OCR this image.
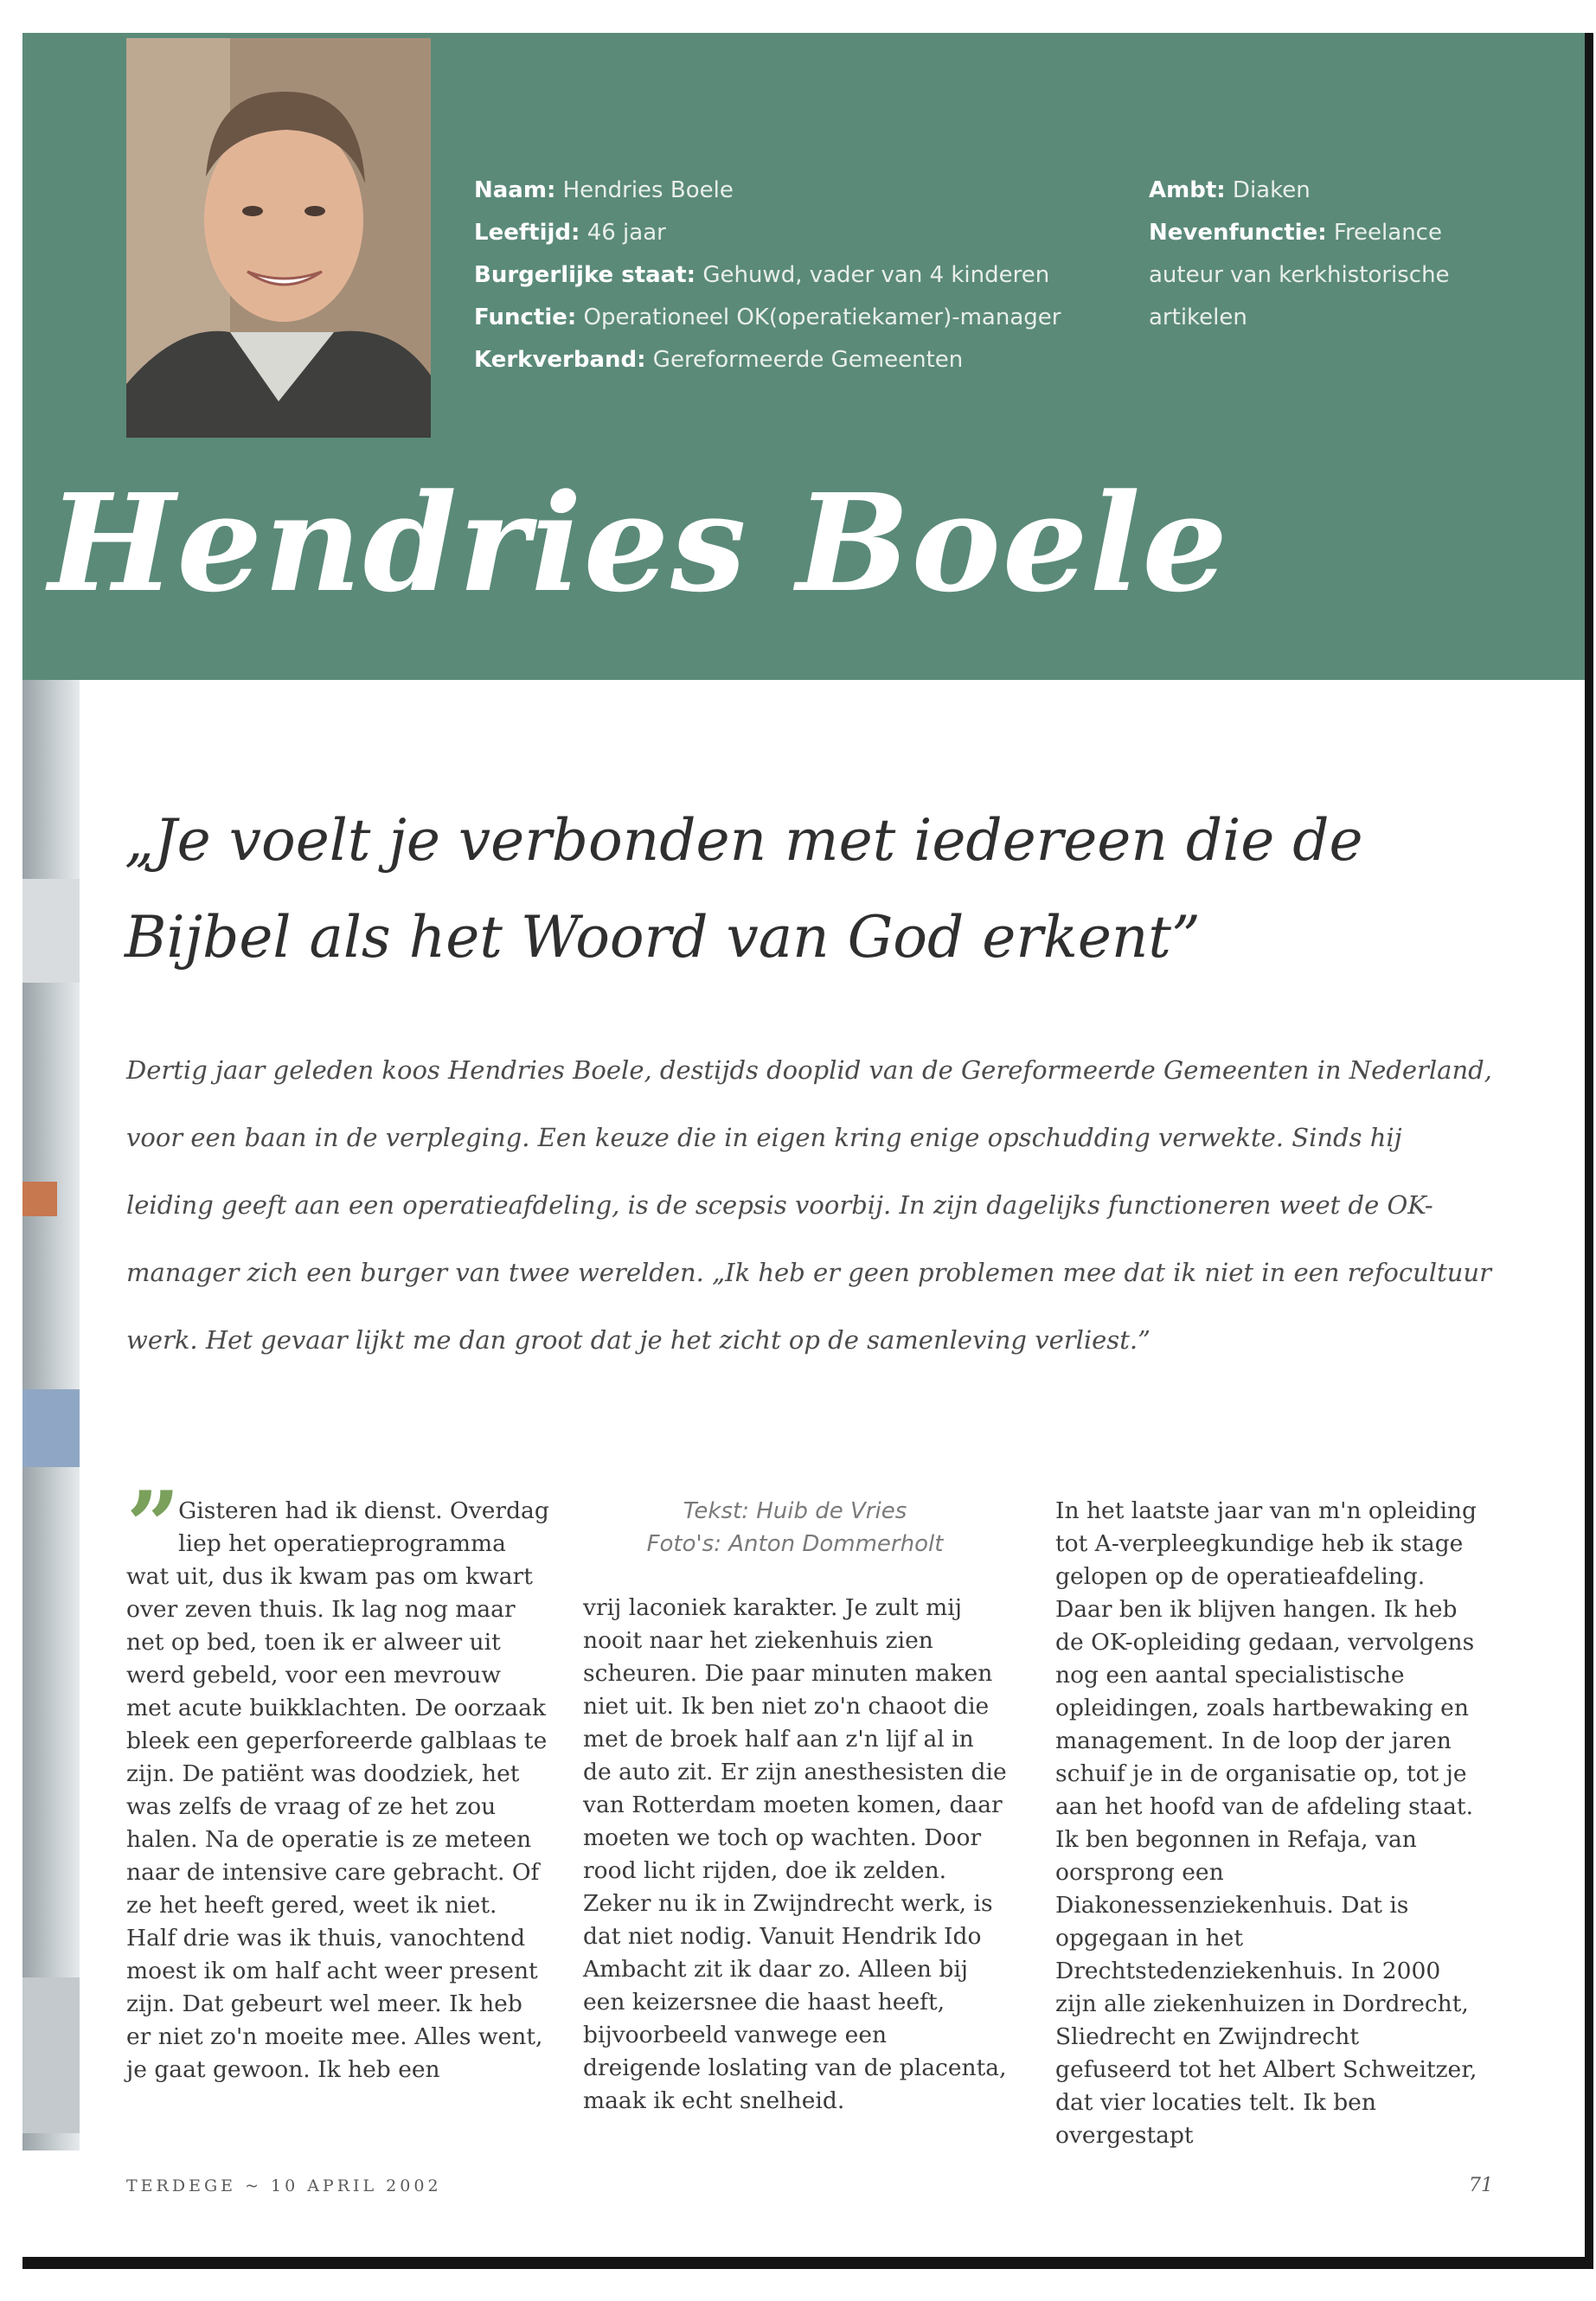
Naam: Hendries Boele
Leeftijd: 46 jaar
Burgerlijke staat: Gehuwd, vader van 4 kinderen
Functie: Operationeel OK(operatiekamer)-manager
Kerkverband: Gereformeerde Gemeenten
Ambt: Diaken
Nevenfunctie: Freelance auteur van kerkhistorische artikelen
Hendries Boele
„Je voelt je verbonden met iedereen die de Bijbel als het Woord van God erkent”
Dertig jaar geleden koos Hendries Boele, destijds dooplid van de Gereformeerde Gemeenten in Nederland, voor een baan in de verpleging. Een keuze die in eigen kring enige opschudding verwekte. Sinds hij leiding geeft aan een operatieafdeling, is de scepsis voorbij. In zijn dagelijks functioneren weet de OK-manager zich een burger van twee werelden. „Ik heb er geen problemen mee dat ik niet in een refocultuur werk. Het gevaar lijkt me dan groot dat je het zicht op de samenleving verliest.”
” Gisteren had ik dienst. Overdag liep het operatieprogramma wat uit, dus ik kwam pas om kwart over zeven thuis. Ik lag nog maar net op bed, toen ik er alweer uit werd gebeld, voor een mevrouw met acute buikklachten. De oorzaak bleek een geperforeerde galblaas te zijn. De patiënt was doodziek, het was zelfs de vraag of ze het zou halen. Na de operatie is ze meteen naar de intensive care gebracht. Of ze het heeft gered, weet ik niet.

Half drie was ik thuis, vanochtend moest ik om half acht weer present zijn. Dat gebeurt wel meer. Ik heb er niet zo'n moeite mee. Alles went, je gaat gewoon. Ik heb een

Tekst: Huib de Vries
Foto's: Anton Dommerholt

vrij laconiek karakter. Je zult mij nooit naar het ziekenhuis zien scheuren. Die paar minuten maken niet uit. Ik ben niet zo'n chaoot die met de broek half aan z'n lijf al in de auto zit. Er zijn anesthesisten die van Rotterdam moeten komen, daar moeten we toch op wachten. Door rood licht rijden, doe ik zelden. Zeker nu ik in Zwijndrecht werk, is dat niet nodig. Vanuit Hendrik Ido Ambacht zit ik daar zo. Alleen bij een keizersnee die haast heeft, bijvoorbeeld vanwege een dreigende loslating van de placenta, maak ik echt snelheid.

In het laatste jaar van m'n opleiding tot A-verpleegkundige heb ik stage gelopen op de operatieafdeling. Daar ben ik blijven hangen. Ik heb de OK-opleiding gedaan, vervolgens nog een aantal specialistische opleidingen, zoals hartbewaking en management. In de loop der jaren schuif je in de organisatie op, tot je aan het hoofd van de afdeling staat.

Ik ben begonnen in Refaja, van oorsprong een Diakonessenziekenhuis. Dat is opgegaan in het Drechtstedenziekenhuis. In 2000 zijn alle ziekenhuizen in Dordrecht, Sliedrecht en Zwijndrecht gefuseerd tot het Albert Schweitzer, dat vier locaties telt. Ik ben overgestapt

TERDEGE ~ 10 APRIL 2002	71
